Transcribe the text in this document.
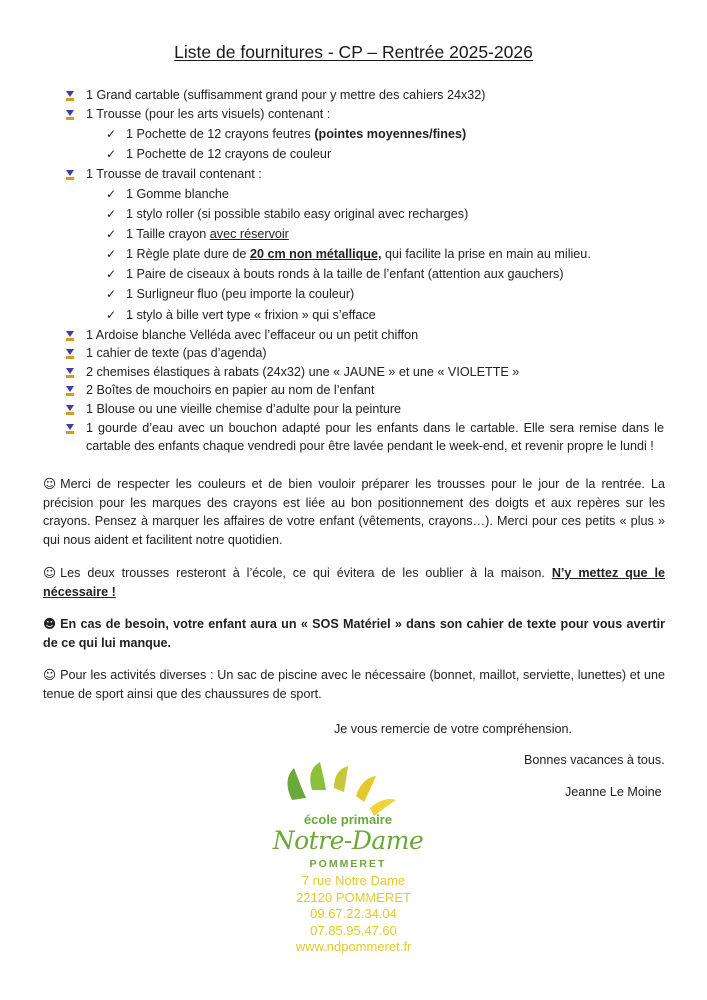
Liste de fournitures - CP – Rentrée 2025-2026
1 Grand cartable (suffisamment grand pour y mettre des cahiers 24x32)
1 Trousse (pour les arts visuels) contenant :
✓ 1 Pochette de 12 crayons feutres (pointes moyennes/fines)
✓ 1 Pochette de 12 crayons de couleur
1 Trousse de travail contenant :
✓ 1 Gomme blanche
✓ 1 stylo roller (si possible stabilo easy original avec recharges)
✓ 1 Taille crayon avec réservoir
✓ 1 Règle plate dure de 20 cm non métallique, qui facilite la prise en main au milieu.
✓ 1 Paire de ciseaux à bouts ronds à la taille de l’enfant (attention aux gauchers)
✓ 1 Surligneur fluo (peu importe la couleur)
✓ 1 stylo à bille vert type « frixion » qui s’efface
1 Ardoise blanche Velléda avec l’effaceur ou un petit chiffon
1 cahier de texte (pas d’agenda)
2 chemises élastiques à rabats (24x32) une « JAUNE » et une « VIOLETTE »
2 Boîtes de mouchoirs en papier au nom de l’enfant
1 Blouse ou une vieille chemise d’adulte pour la peinture
1 gourde d’eau avec un bouchon adapté pour les enfants dans le cartable. Elle sera remise dans le cartable des enfants chaque vendredi pour être lavée pendant le week-end, et revenir propre le lundi !
☺ Merci de respecter les couleurs et de bien vouloir préparer les trousses pour le jour de la rentrée. La précision pour les marques des crayons est liée au bon positionnement des doigts et aux repères sur les crayons. Pensez à marquer les affaires de votre enfant (vêtements, crayons…). Merci pour ces petits « plus » qui nous aident et facilitent notre quotidien.
☺ Les deux trousses resteront à l’école, ce qui évitera de les oublier à la maison. N’y mettez que le nécessaire !
☻ En cas de besoin, votre enfant aura un « SOS Matériel » dans son cahier de texte pour vous avertir de ce qui lui manque.
☺ Pour les activités diverses : Un sac de piscine avec le nécessaire (bonnet, maillot, serviette, lunettes) et une tenue de sport ainsi que des chaussures de sport.
Je vous remercie de votre compréhension.
Bonnes vacances à tous.
Jeanne Le Moine
école primaire
Notre-Dame
POMMERET
7 rue Notre Dame
22120 POMMERET
09.67.22.34.04
07.85.95.47.60
www.ndpommeret.fr
